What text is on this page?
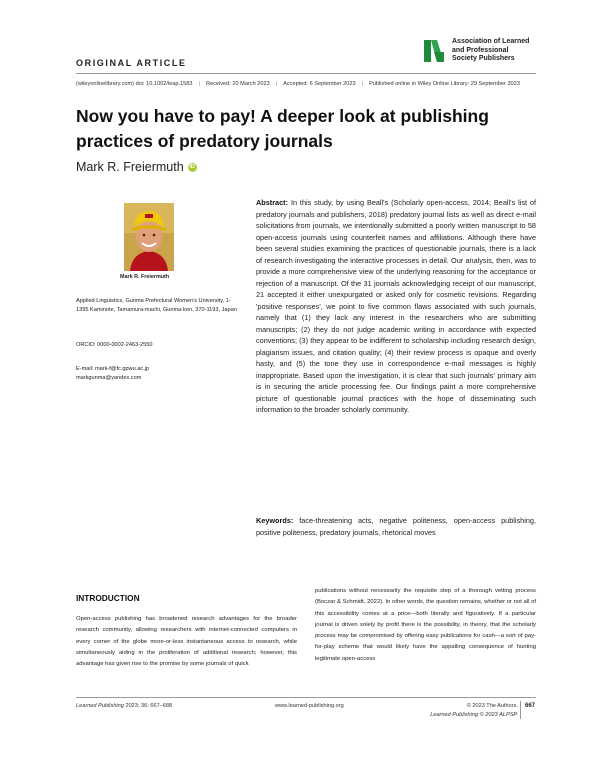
ORIGINAL ARTICLE
Association of Learned
and Professional
Society Publishers
(wileyonlinelibrary.com) doi: 10.1002/leap.1583 | Received: 20 March 2023 | Accepted: 6 September 2023 | Published online in Wiley Online Library: 29 September 2023
Now you have to pay! A deeper look at publishing practices of predatory journals
Mark R. Freiermuth	iD
Mark R. Freiermuth
Applied Linguistics, Gunma Prefectural Women's University, 1-1395 Kaminote, Tamamura-machi, Gunma-ken, 370-1193, Japan
ORCID: 0000-0002-2463-2550
E-mail: mark-f@fc.gpwu.ac.jp
markgunma@yandex.com

Abstract: In this study, by using Beall's (Scholarly open-access, 2014; Beall's list of predatory journals and publishers, 2018) predatory journal lists as well as direct e-mail solicitations from journals, we intentionally submitted a poorly written manuscript to 58 open-access journals using counterfeit names and affiliations. Although there have been several studies examining the practices of questionable journals, there is a lack of research investigating the interactive processes in detail. Our analysis, then, was to provide a more comprehensive view of the underlying reasoning for the acceptance or rejection of a manuscript. Of the 31 journals acknowledging receipt of our manuscript, 21 accepted it either unexpurgated or asked only for cosmetic revisions. Regarding 'positive responses', we point to five common flaws associated with such journals, namely that (1) they lack any interest in the researchers who are submitting manuscripts; (2) they do not judge academic writing in accordance with expected conventions; (3) they appear to be indifferent to scholarship including research design, plagiarism issues, and citation quality; (4) their review process is opaque and overly hasty, and (5) the tone they use in correspondence e-mail messages is highly inappropriate. Based upon the investigation, it is clear that such journals' primary aim is in securing the article processing fee. Our findings paint a more comprehensive picture of questionable journal practices with the hope of disseminating such information to the broader scholarly community.

Keywords: face-threatening acts, negative politeness, open-access publishing, positive politeness, predatory journals, rhetorical moves

INTRODUCTION

Open-access publishing has broadened research advantages for the broader research community, allowing researchers with internet-connected computers in every corner of the globe more-or-less instantaneous access to research, while simultaneously aiding in the proliferation of additional research; however, this advantage has given rise to the promise by some journals of quick

publications without necessarily the requisite step of a thorough vetting process (Boczar & Schmidt, 2022). In other words, the question remains, whether or not all of this accessibility comes at a price—both literally and figuratively. If a particular journal is driven solely by profit there is the possibility, in theory, that the scholarly process may be compromised by offering easy publications for cash—a sort of pay-for-play scheme that would likely have the appalling consequence of hunting legitimate open-access

Learned Publishing 2023; 36: 667–688	www.learned-publishing.org	© 2023 The Authors.
Learned Publishing © 2023 ALPSP.
667
